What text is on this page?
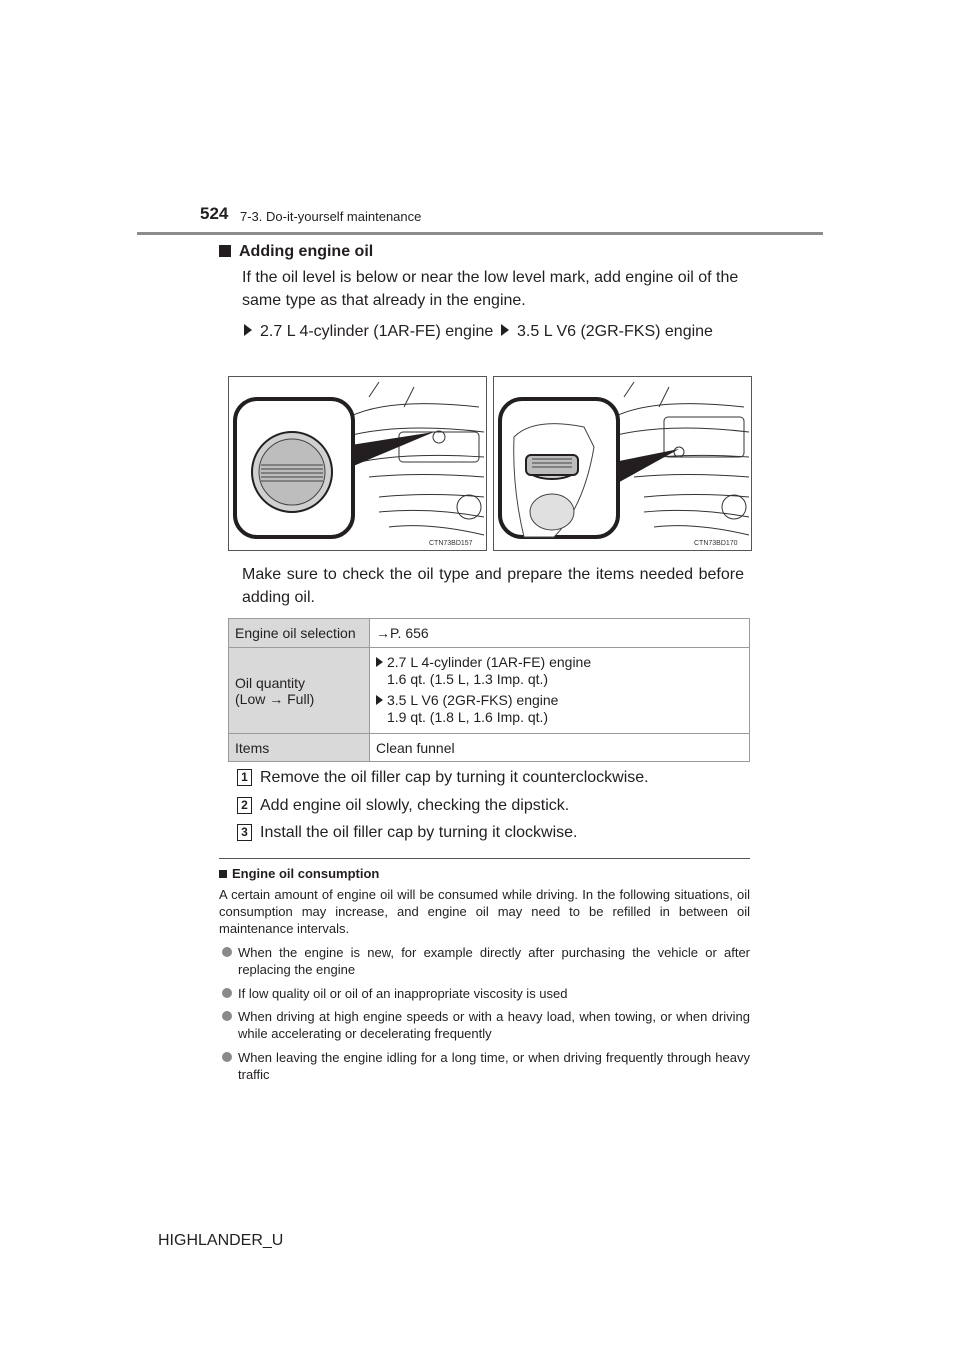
524 7-3. Do-it-yourself maintenance
Adding engine oil
If the oil level is below or near the low level mark, add engine oil of the same type as that already in the engine.
2.7 L 4-cylinder (1AR-FE) engine	3.5 L V6 (2GR-FKS) engine
CTN73BD157	CTN73BD170
Make sure to check the oil type and prepare the items needed before adding oil.
Engine oil selection	→P. 656
Oil quantity
(Low → Full)	2.7 L 4-cylinder (1AR-FE) engine
1.6 qt. (1.5 L, 1.3 Imp. qt.)
3.5 L V6 (2GR-FKS) engine
1.9 qt. (1.8 L, 1.6 Imp. qt.)

Items	Clean funnel
1 Remove the oil filler cap by turning it counterclockwise.
2 Add engine oil slowly, checking the dipstick.
3 Install the oil filler cap by turning it clockwise.
Engine oil consumption
A certain amount of engine oil will be consumed while driving. In the following situations, oil consumption may increase, and engine oil may need to be refilled in between oil maintenance intervals.
When the engine is new, for example directly after purchasing the vehicle or after replacing the engine
If low quality oil or oil of an inappropriate viscosity is used
When driving at high engine speeds or with a heavy load, when towing, or when driving while accelerating or decelerating frequently
When leaving the engine idling for a long time, or when driving frequently through heavy traffic
HIGHLANDER_U
